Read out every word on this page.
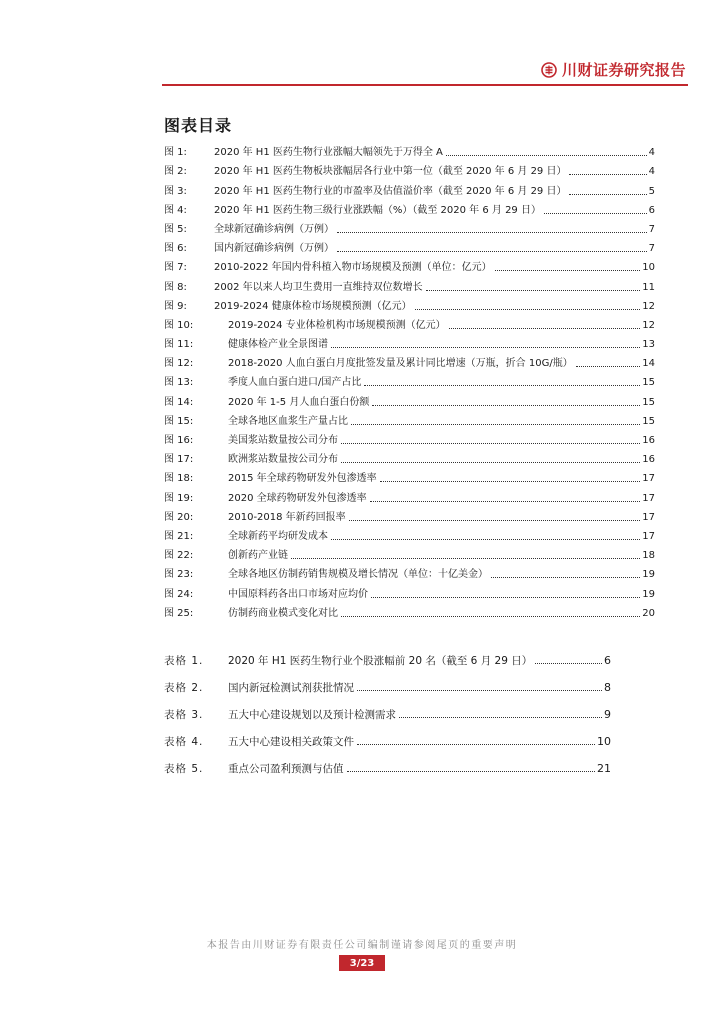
川财证券研究报告
图表目录
图 1:	2020 年 H1 医药生物行业涨幅大幅领先于万得全 A	4
图 2:	2020 年 H1 医药生物板块涨幅居各行业中第一位（截至 2020 年 6 月 29 日）	4
图 3:	2020 年 H1 医药生物行业的市盈率及估值溢价率（截至 2020 年 6 月 29 日）	5
图 4:	2020 年 H1 医药生物三级行业涨跌幅（%）（截至 2020 年 6 月 29 日）	6
图 5:	全球新冠确诊病例（万例）	7
图 6:	国内新冠确诊病例（万例）	7
图 7:	2010-2022 年国内骨科植入物市场规模及预测（单位：亿元）	10
图 8:	2002 年以来人均卫生费用一直维持双位数增长	11
图 9:	2019-2024 健康体检市场规模预测（亿元）	12
图 10:	2019-2024 专业体检机构市场规模预测（亿元）	12
图 11:	健康体检产业全景图谱	13
图 12:	2018-2020 人血白蛋白月度批签发量及累计同比增速（万瓶，折合 10G/瓶）	14
图 13:	季度人血白蛋白进口/国产占比	15
图 14:	2020 年 1-5 月人血白蛋白份额	15
图 15:	全球各地区血浆生产量占比	15
图 16:	美国浆站数量按公司分布	16
图 17:	欧洲浆站数量按公司分布	16
图 18:	2015 年全球药物研发外包渗透率	17
图 19:	2020 全球药物研发外包渗透率	17
图 20:	2010-2018 年新药回报率	17
图 21:	全球新药平均研发成本	17
图 22:	创新药产业链	18
图 23:	全球各地区仿制药销售规模及增长情况（单位：十亿美金）	19
图 24:	中国原料药各出口市场对应均价	19
图 25:	仿制药商业模式变化对比	20
表格 1.	2020 年 H1 医药生物行业个股涨幅前 20 名（截至 6 月 29 日）	6
表格 2.	国内新冠检测试剂获批情况	8
表格 3.	五大中心建设规划以及预计检测需求	9
表格 4.	五大中心建设相关政策文件	10
表格 5.	重点公司盈利预测与估值	21
本报告由川财证券有限责任公司编制谨请参阅尾页的重要声明
3/23
